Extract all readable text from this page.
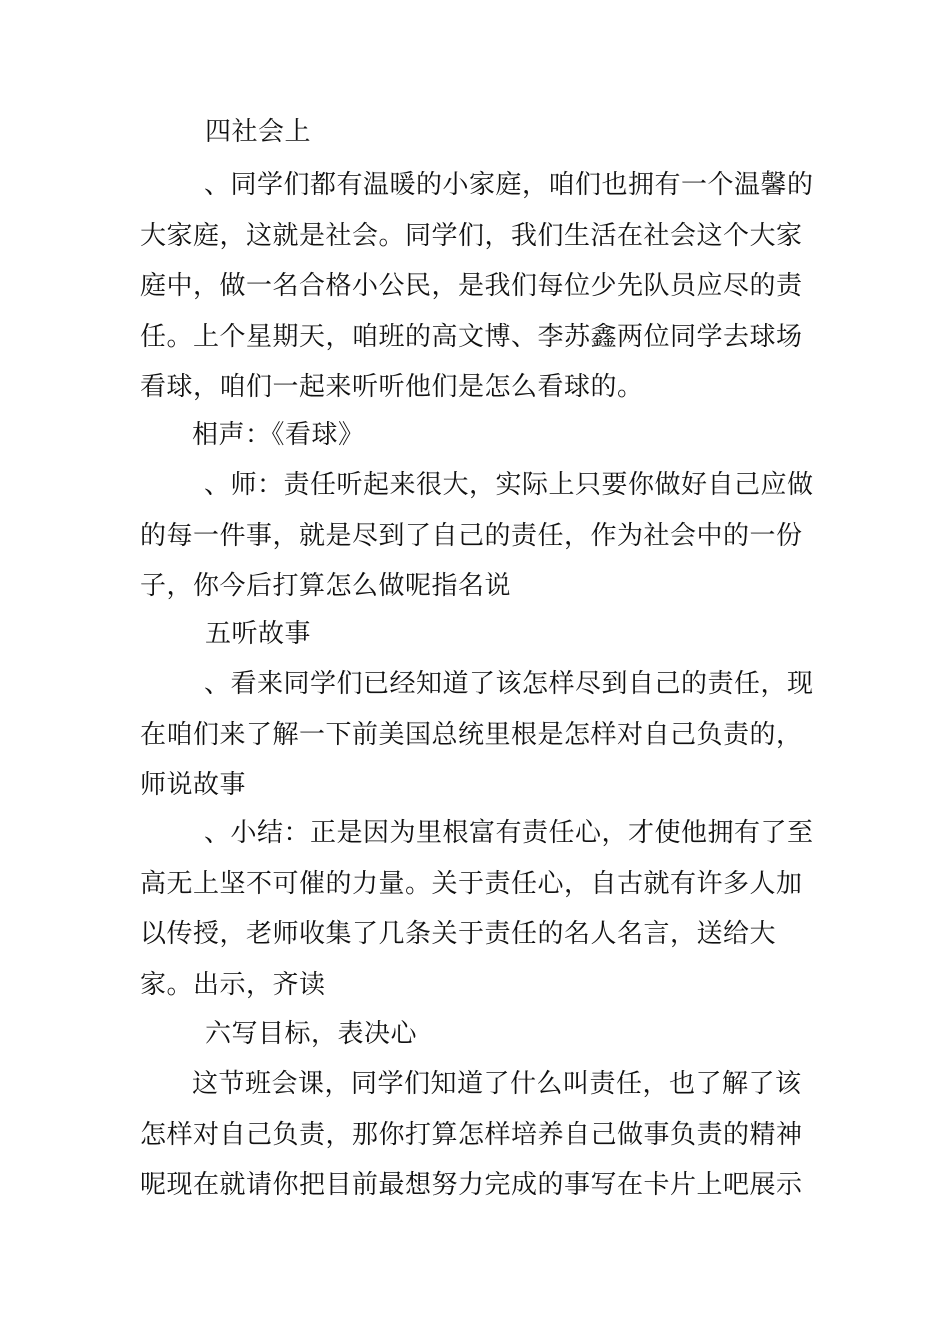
四社会上

、同学们都有温暖的小家庭，咱们也拥有一个温馨的大家庭，这就是社会。同学们，我们生活在社会这个大家庭中，做一名合格小公民，是我们每位少先队员应尽的责任。上个星期天，咱班的高文博、李苏鑫两位同学去球场看球，咱们一起来听听他们是怎么看球的。

相声：《看球》

、师：责任听起来很大，实际上只要你做好自己应做的每一件事，就是尽到了自己的责任，作为社会中的一份子，你今后打算怎么做呢指名说

五听故事

、看来同学们已经知道了该怎样尽到自己的责任，现在咱们来了解一下前美国总统里根是怎样对自己负责的，师说故事

、小结：正是因为里根富有责任心，才使他拥有了至高无上坚不可催的力量。关于责任心，自古就有许多人加以传授，老师收集了几条关于责任的名人名言，送给大家。出示，齐读

六写目标，表决心

这节班会课，同学们知道了什么叫责任，也了解了该怎样对自己负责，那你打算怎样培养自己做事负责的精神呢现在就请你把目前最想努力完成的事写在卡片上吧展示
